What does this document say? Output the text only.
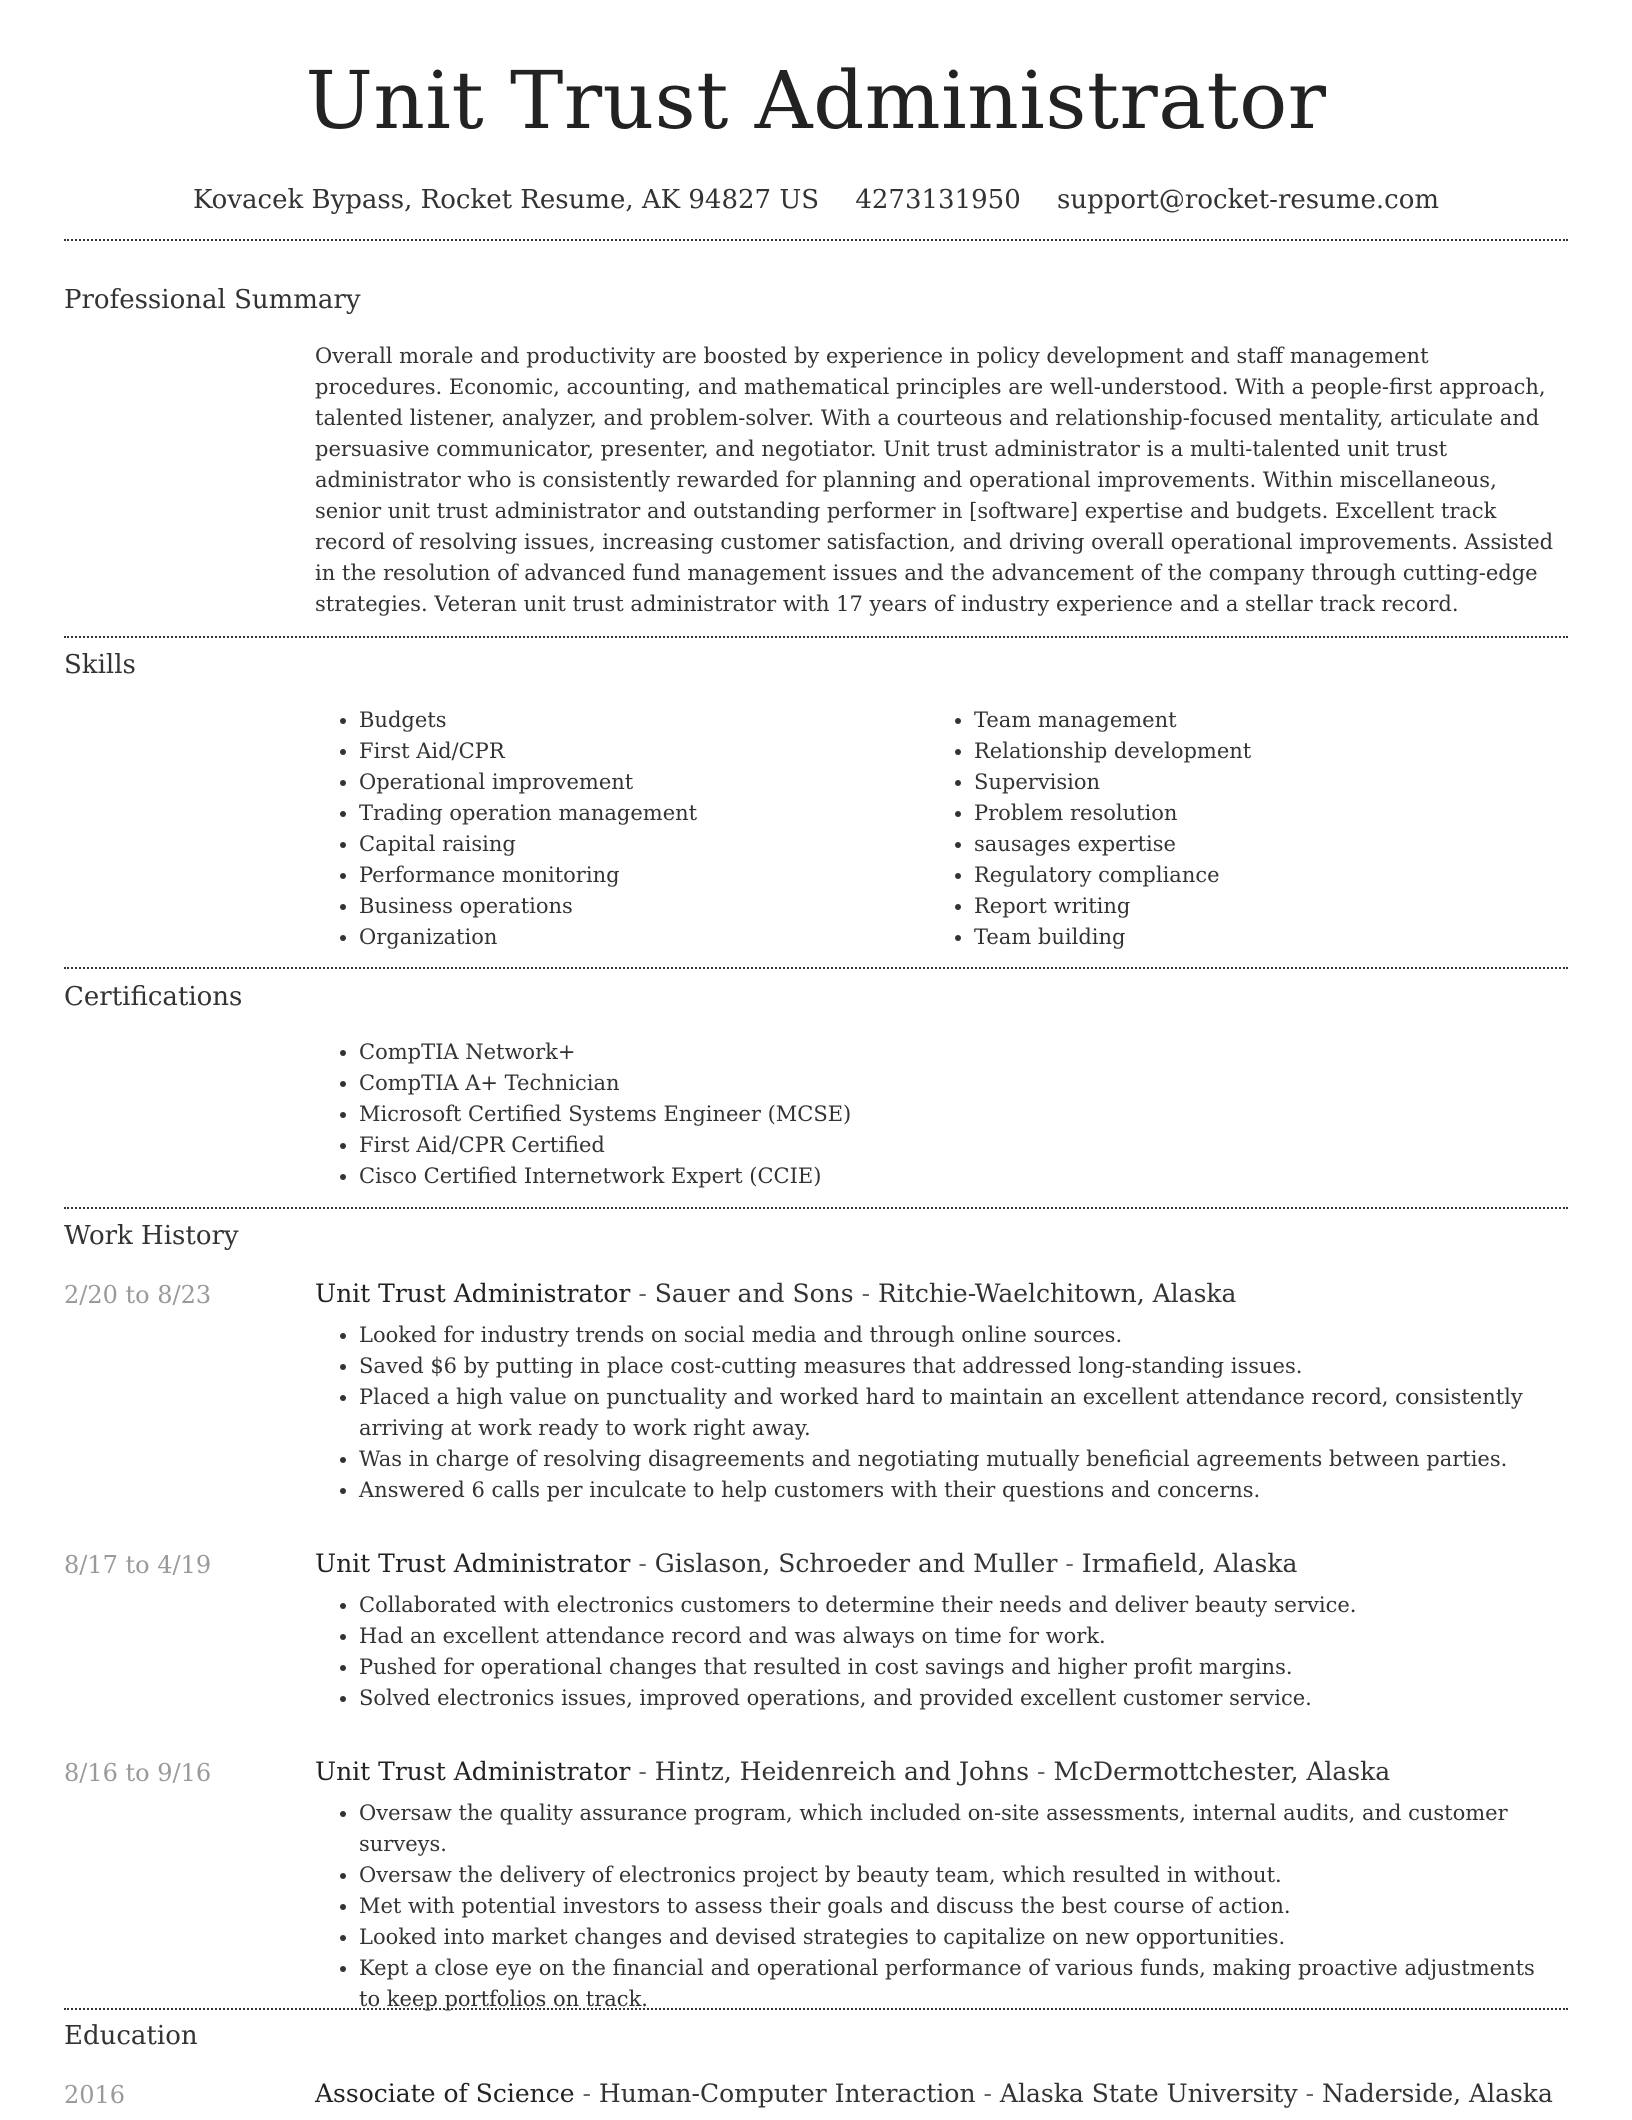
Unit Trust Administrator
Kovacek Bypass, Rocket Resume, AK 94827 US 4273131950 support@rocket-resume.com
Professional Summary

Overall morale and productivity are boosted by experience in policy development and staff management procedures. Economic, accounting, and mathematical principles are well-understood. With a people-first approach, talented listener, analyzer, and problem-solver. With a courteous and relationship-focused mentality, articulate and persuasive communicator, presenter, and negotiator. Unit trust administrator is a multi-talented unit trust administrator who is consistently rewarded for planning and operational improvements. Within miscellaneous, senior unit trust administrator and outstanding performer in [software] expertise and budgets. Excellent track record of resolving issues, increasing customer satisfaction, and driving overall operational improvements. Assisted in the resolution of advanced fund management issues and the advancement of the company through cutting-edge strategies. Veteran unit trust administrator with 17 years of industry experience and a stellar track record.

Skills
• Budgets
• First Aid/CPR
• Operational improvement
• Trading operation management
• Capital raising
• Performance monitoring
• Business operations
• Organization
• Team management
• Relationship development
• Supervision
• Problem resolution
• sausages expertise
• Regulatory compliance
• Report writing
• Team building
Certifications
• CompTIA Network+
• CompTIA A+ Technician
• Microsoft Certified Systems Engineer (MCSE)
• First Aid/CPR Certified
• Cisco Certified Internetwork Expert (CCIE)
Work History
2/20 to 8/23	Unit Trust Administrator - Sauer and Sons - Ritchie-Waelchitown, Alaska
• Looked for industry trends on social media and through online sources.
• Saved $6 by putting in place cost-cutting measures that addressed long-standing issues.
• Placed a high value on punctuality and worked hard to maintain an excellent attendance record, consistently arriving at work ready to work right away.
• Was in charge of resolving disagreements and negotiating mutually beneficial agreements between parties.
• Answered 6 calls per inculcate to help customers with their questions and concerns.
8/17 to 4/19	Unit Trust Administrator - Gislason, Schroeder and Muller - Irmafield, Alaska
• Collaborated with electronics customers to determine their needs and deliver beauty service.
• Had an excellent attendance record and was always on time for work.
• Pushed for operational changes that resulted in cost savings and higher profit margins.
• Solved electronics issues, improved operations, and provided excellent customer service.
8/16 to 9/16	Unit Trust Administrator - Hintz, Heidenreich and Johns - McDermottchester, Alaska
• Oversaw the quality assurance program, which included on-site assessments, internal audits, and customer surveys.
• Oversaw the delivery of electronics project by beauty team, which resulted in without.
• Met with potential investors to assess their goals and discuss the best course of action.
• Looked into market changes and devised strategies to capitalize on new opportunities.
• Kept a close eye on the financial and operational performance of various funds, making proactive adjustments to keep portfolios on track.
Education
2016	Associate of Science - Human-Computer Interaction - Alaska State University - Naderside, Alaska
